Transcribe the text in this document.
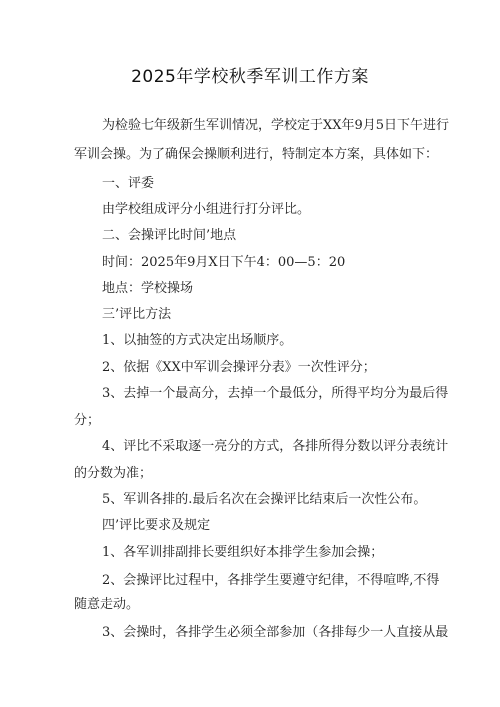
2025年学校秋季军训工作方案
为检验七年级新生军训情况，学校定于XX年9月5日下午进行
军训会操。为了确保会操顺利进行，特制定本方案，具体如下：
一、评委
由学校组成评分小组进行打分评比。
二、会操评比时间’地点
时间：2025年9月X日下午4：00—5：20
地点：学校操场
三’评比方法
1、以抽签的方式决定出场顺序。
2、依据《XX中军训会操评分表》一次性评分；
3、去掉一个最高分，去掉一个最低分，所得平均分为最后得
分；
4、评比不采取逐一亮分的方式，各排所得分数以评分表统计
的分数为准；
5、军训各排的.最后名次在会操评比结束后一次性公布。
四’评比要求及规定
1、各军训排副排长要组织好本排学生参加会操；
2、会操评比过程中，各排学生要遵守纪律，不得喧哗,不得
随意走动。
3、会操时，各排学生必须全部参加（各排每少一人直接从最
